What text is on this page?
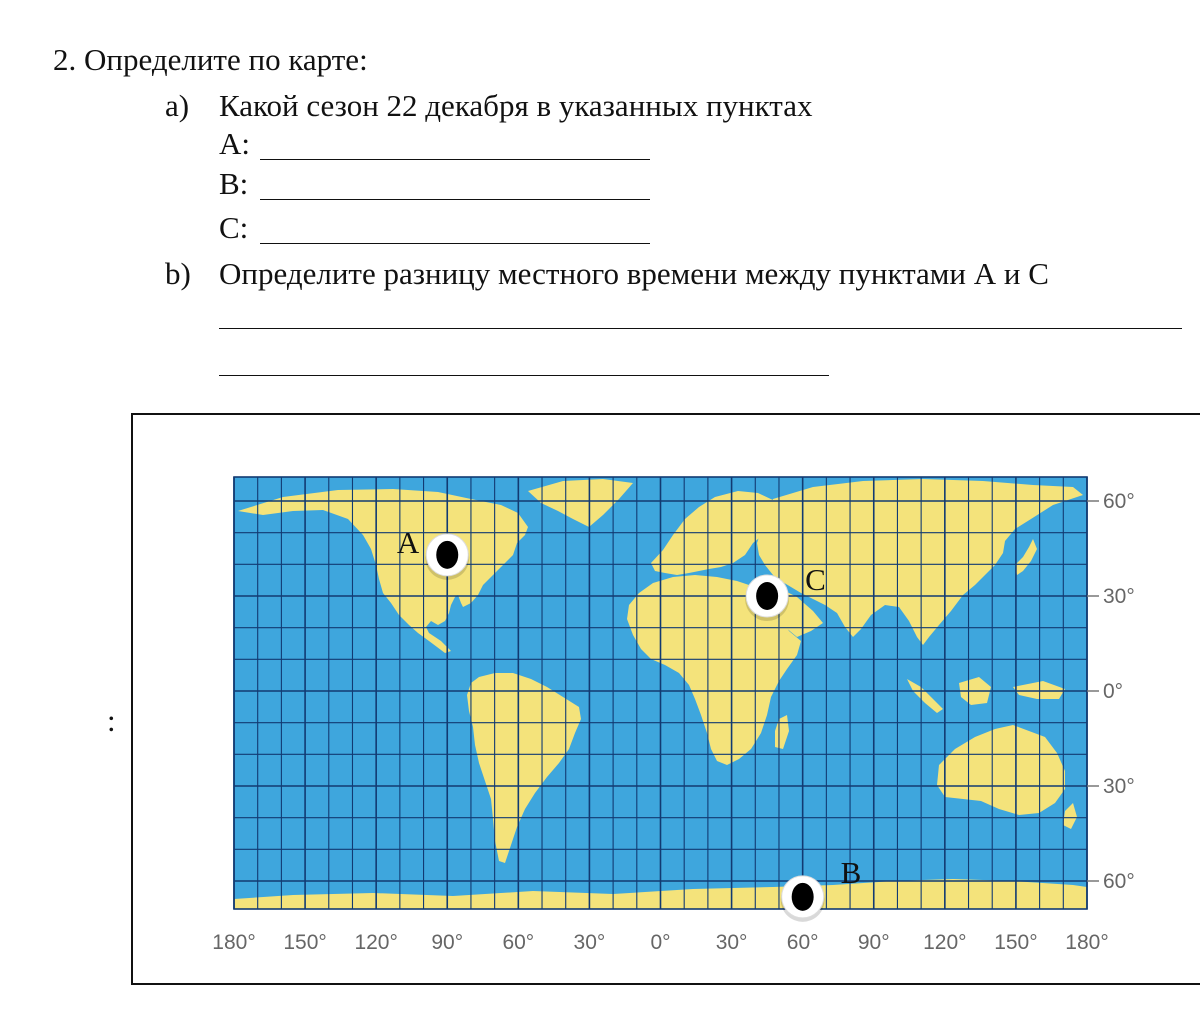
2. Определите по карте:
a) Какой сезон 22 декабря в указанных пунктах
А:
В:
С:
b) Определите разницу местного времени между пунктами А и С
:
60°
30°
0°
30°
60°
180° 150° 120° 90° 60° 30° 0° 30° 60° 90° 120° 150° 180°
A
C
B
